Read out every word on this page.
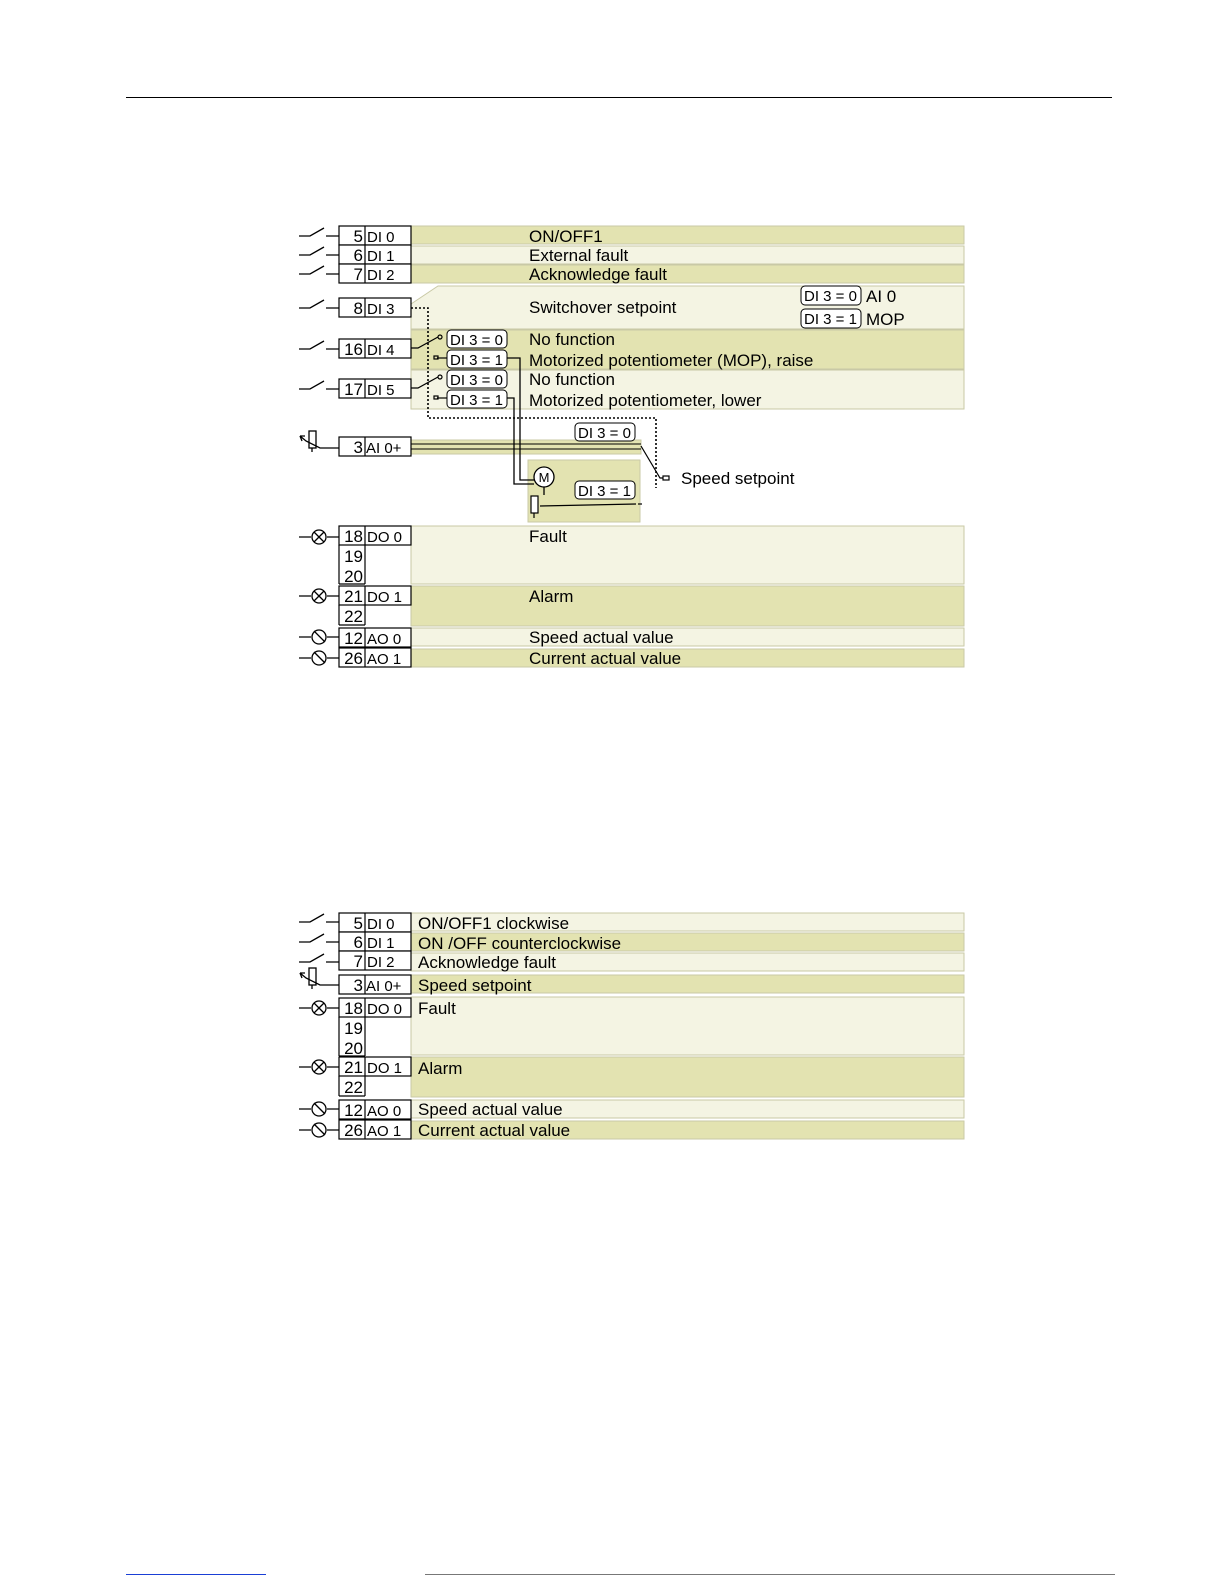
5 DI 0
6 DI 1
7 DI 2
8 DI 3
16 DI 4
17 DI 5
3 AI 0+
18 DO 0
19
20
21 DO 1
22
12 AO 0
26 AO 1
ON/OFF1
External fault
Acknowledge fault
Switchover setpoint
No function
Motorized potentiometer (MOP), raise
No function
Motorized potentiometer, lower
Fault
Alarm
Speed actual value
Current actual value
DI 3 = 0 AI 0
DI 3 = 1 MOP
DI 3 = 0
DI 3 = 1
DI 3 = 0
DI 3 = 1
M
DI 3 = 0
DI 3 = 1
Speed setpoint
5 DI 0
6 DI 1
7 DI 2
3 AI 0+
18 DO 0
19
20
21 DO 1
22
12 AO 0
26 AO 1
ON/OFF1 clockwise
ON /OFF counterclockwise
Acknowledge fault
Speed setpoint
Fault
Alarm
Speed actual value
Current actual value
